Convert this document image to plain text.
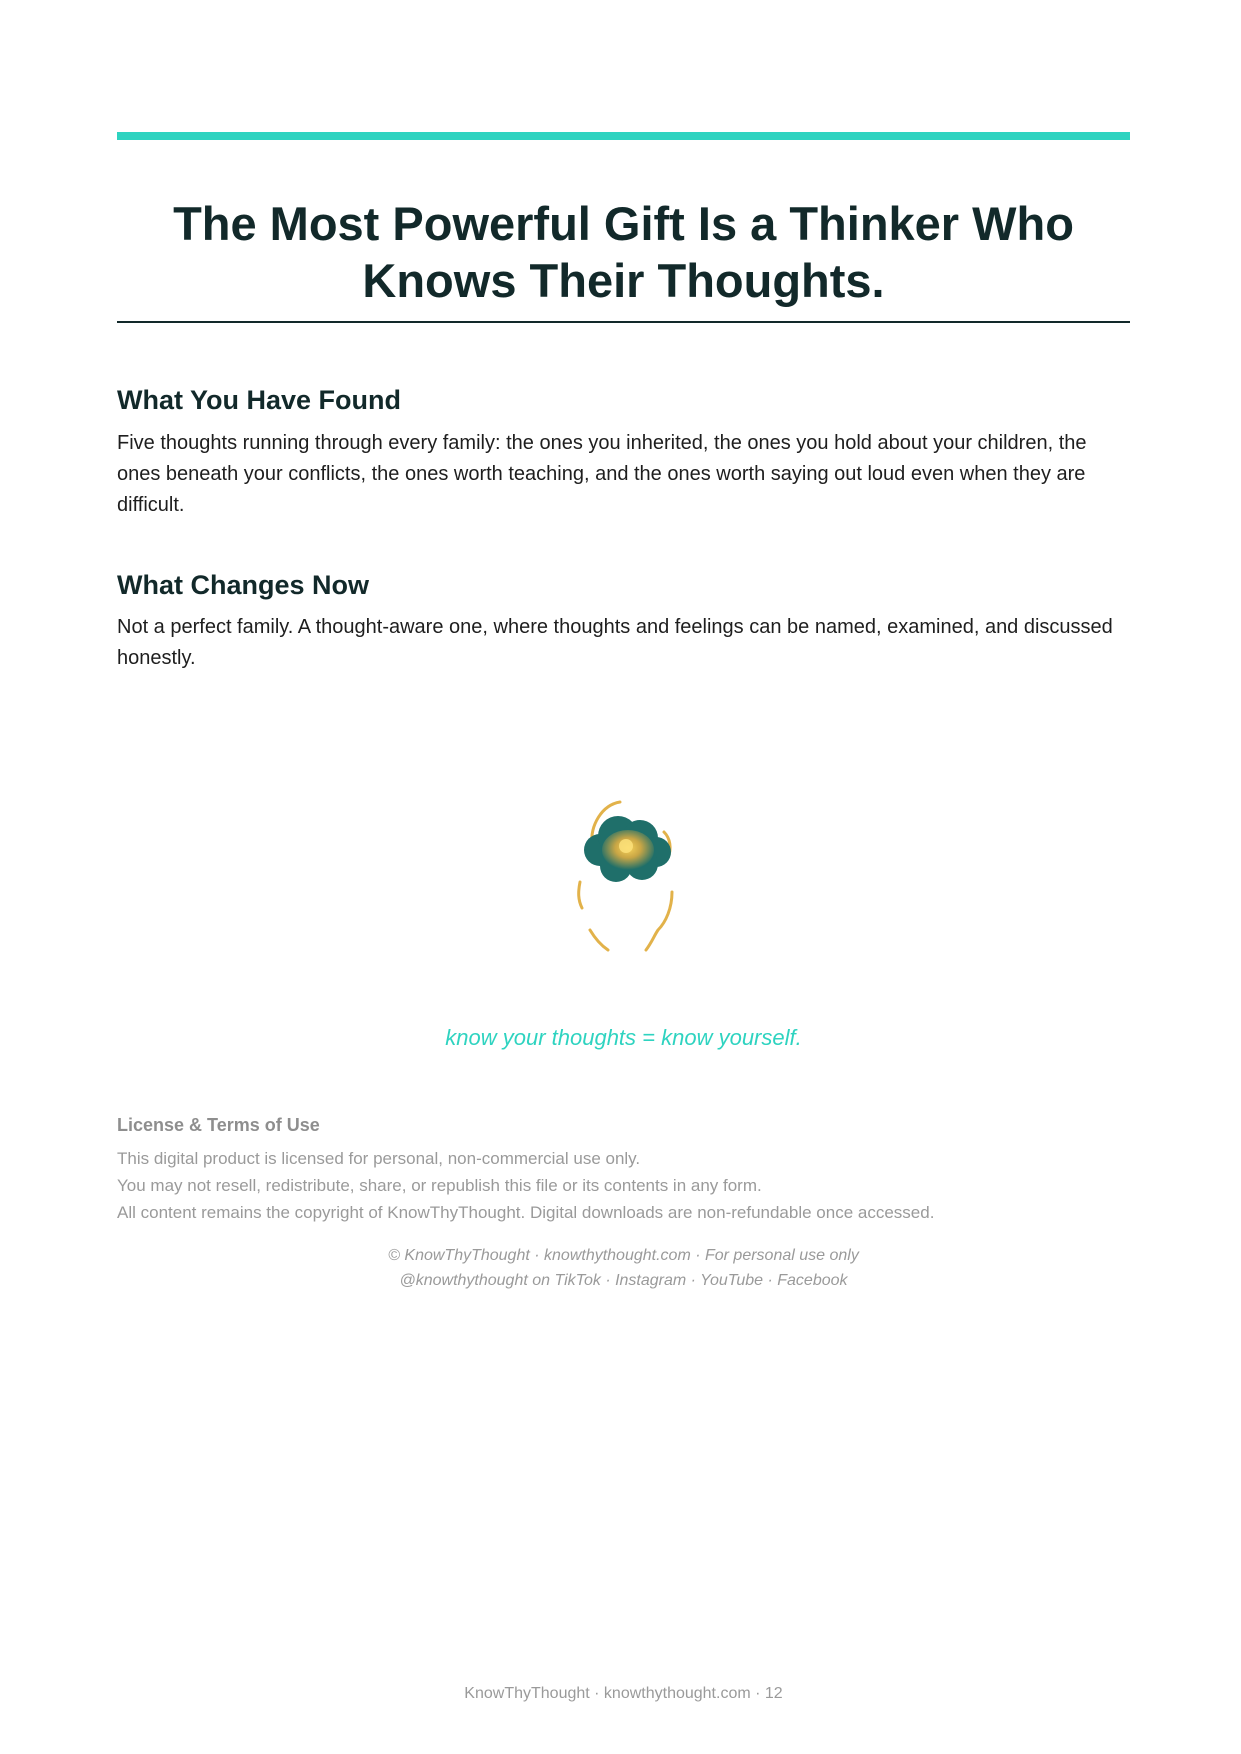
The Most Powerful Gift Is a Thinker Who Knows Their Thoughts.
What You Have Found

Five thoughts running through every family: the ones you inherited, the ones you hold about your children, the ones beneath your conflicts, the ones worth teaching, and the ones worth saying out loud even when they are difficult.

What Changes Now

Not a perfect family. A thought-aware one, where thoughts and feelings can be named, examined, and discussed honestly.

know your thoughts = know yourself.

License & Terms of Use

This digital product is licensed for personal, non-commercial use only.

You may not resell, redistribute, share, or republish this file or its contents in any form.

All content remains the copyright of KnowThyThought. Digital downloads are non-refundable once accessed.

© KnowThyThought · knowthythought.com · For personal use only

@knowthythought on TikTok · Instagram · YouTube · Facebook

KnowThyThought · knowthythought.com · 12
